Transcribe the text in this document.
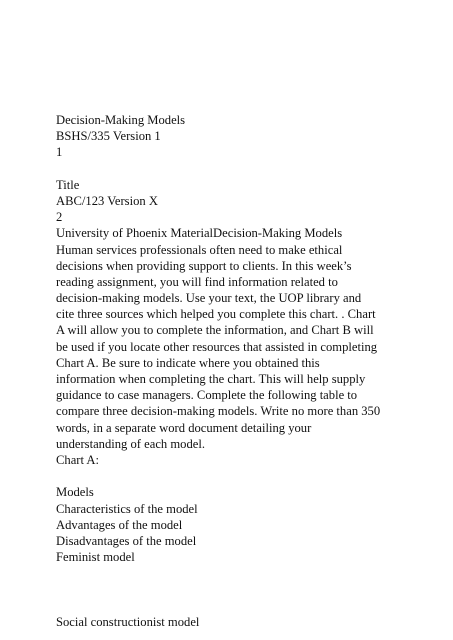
Decision-Making Models
BSHS/335 Version 1
1
Title
ABC/123 Version X
2
University of Phoenix MaterialDecision-Making Models
Human services professionals often need to make ethical
decisions when providing support to clients. In this week’s
reading assignment, you will find information related to
decision-making models. Use your text, the UOP library and
cite three sources which helped you complete this chart. . Chart
A will allow you to complete the information, and Chart B will
be used if you locate other resources that assisted in completing
Chart A. Be sure to indicate where you obtained this
information when completing the chart. This will help supply
guidance to case managers. Complete the following table to
compare three decision-making models. Write no more than 350
words, in a separate word document detailing your
understanding of each model.
Chart A:
Models
Characteristics of the model
Advantages of the model
Disadvantages of the model
Feminist model
Social constructionist model
